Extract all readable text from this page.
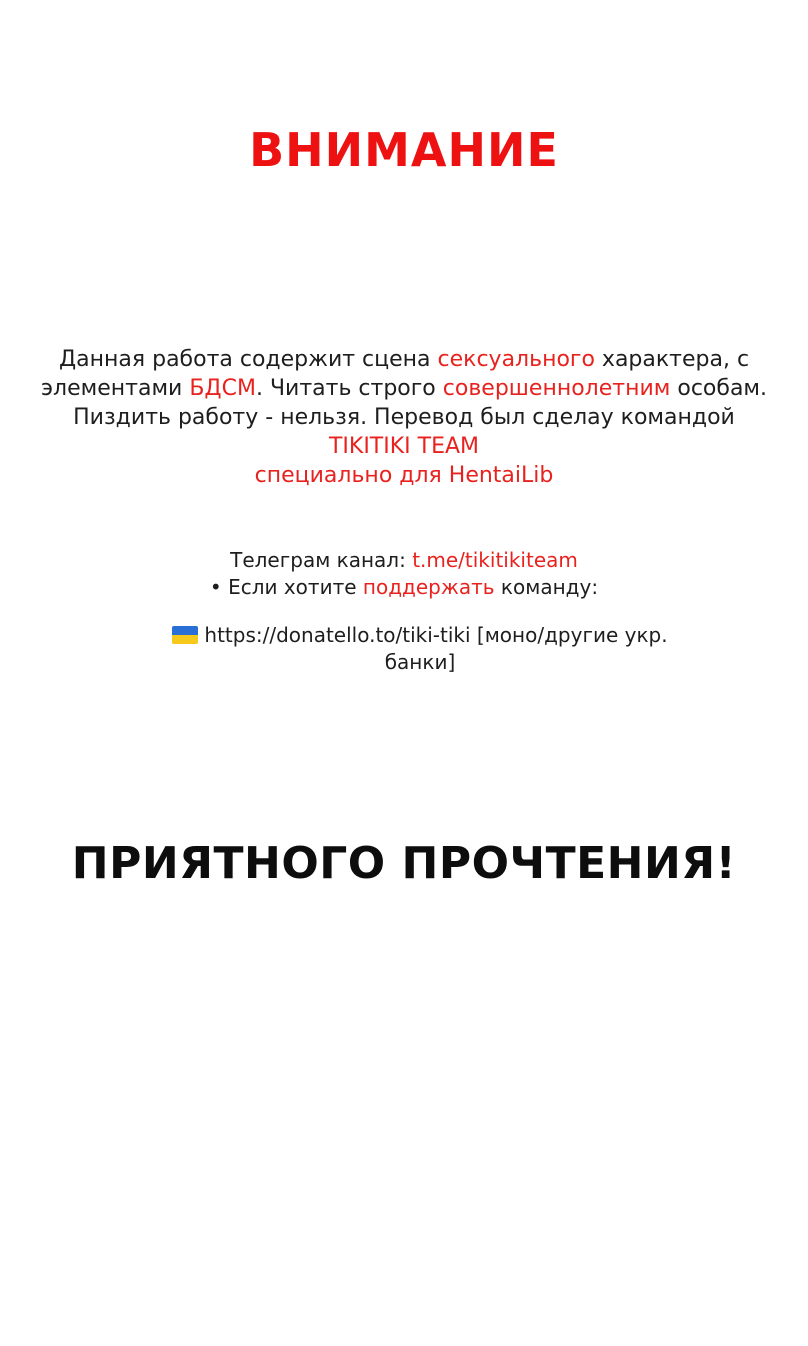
ВНИМАНИЕ
Данная работа содержит сцена сексуального характера, с элементами БДСМ. Читать строго совершеннолетним особам. Пиздить работу - нельзя. Перевод был сделау командой TIKITIKI TEAM
специально для HentaiLib
Телеграм канал: t.me/tikitikiteam
• Если хотите поддержать команду:
https://donatello.to/tiki-tiki [моно/другие укр. банки]
ПРИЯТНОГО ПРОЧТЕНИЯ!
